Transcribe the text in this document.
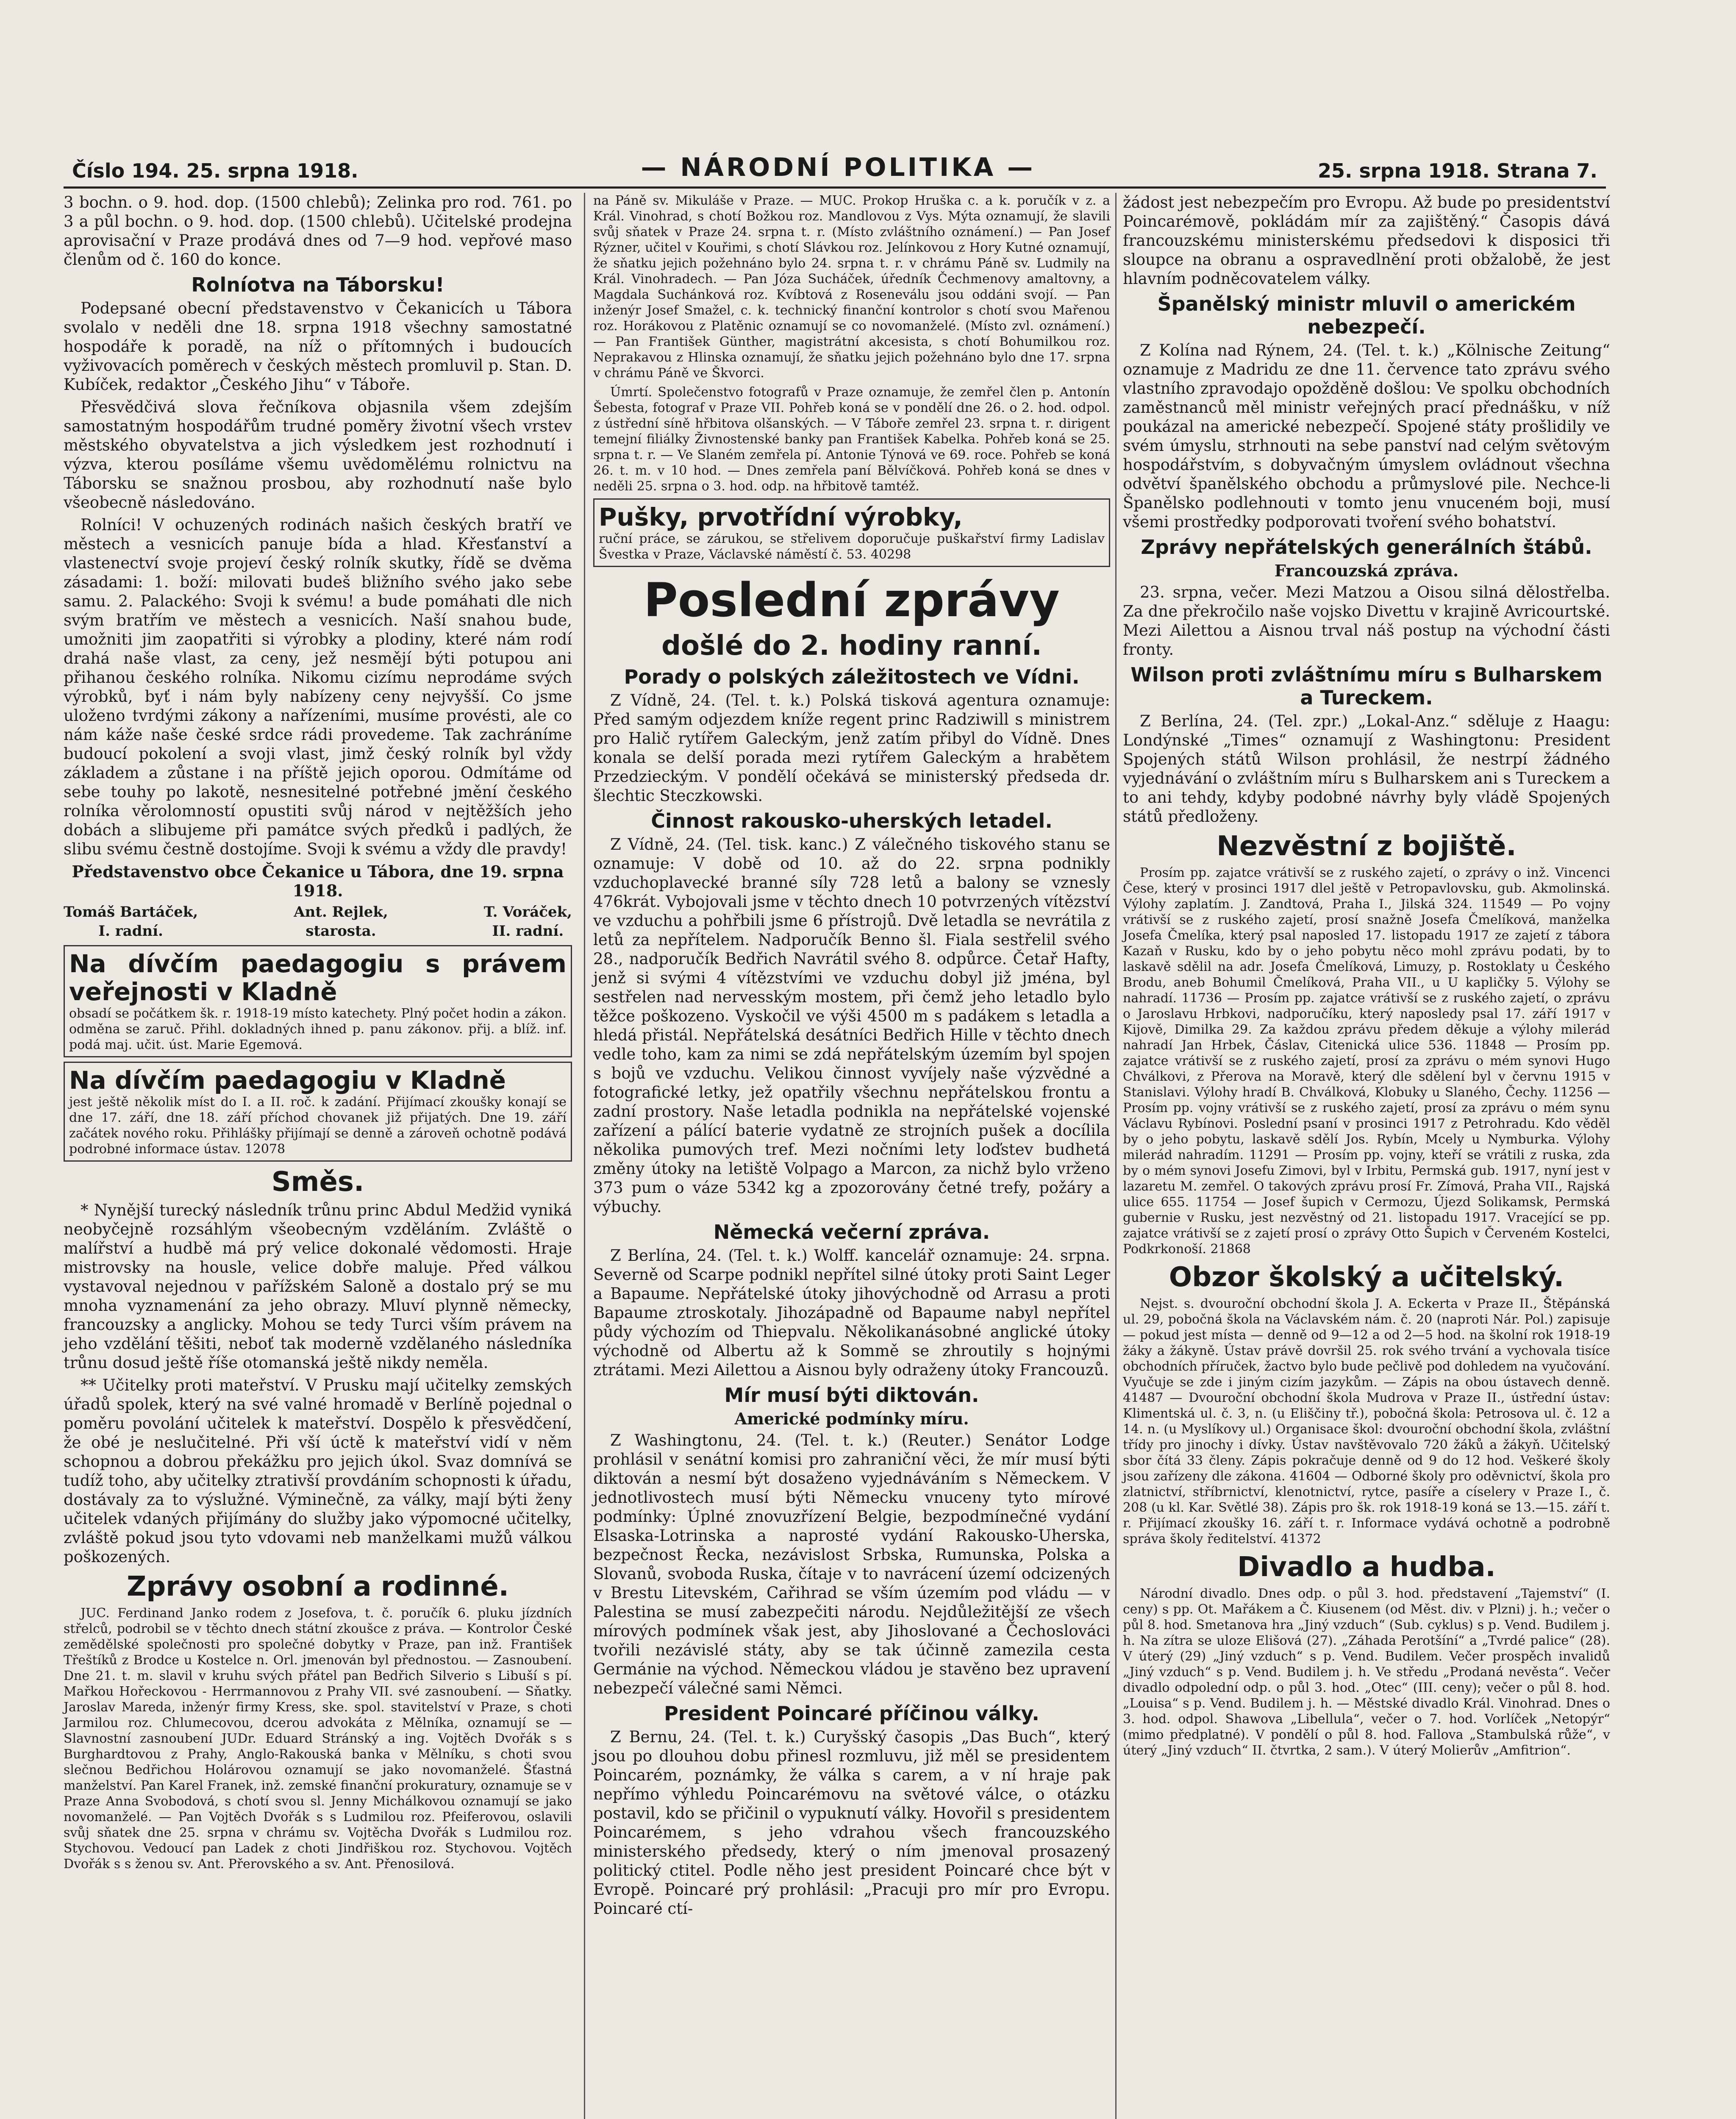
Číslo 194. 25. srpna 1918.	— NÁRODNÍ POLITIKA —	25. srpna 1918. Strana 7.

3 bochn. o 9. hod. dop. (1500 chlebů); Zelinka pro rod. 761. po 3 a půl bochn. o 9. hod. dop. (1500 chlebů). Učitelské prodejna aprovisační v Praze prodává dnes od 7—9 hod. vepřové maso členům od č. 160 do konce.

Rolníotva na Táborsku!

Podepsané obecní představenstvo v Čekanicích u Tábora svolalo v neděli dne 18. srpna 1918 všechny samostatné hospodáře k poradě, na níž o přítomných i budoucích vyživovacích poměrech v českých městech promluvil p. Stan. D. Kubíček, redaktor „Českého Jihu“ v Táboře.

Přesvědčivá slova řečníkova objasnila všem zdejším samostatným hospodářům trudné poměry životní všech vrstev městského obyvatelstva a jich výsledkem jest rozhodnutí i výzva, kterou posíláme všemu uvědomělému rolnictvu na Táborsku se snažnou prosbou, aby rozhodnutí naše bylo všeobecně následováno.

Rolníci! V ochuzených rodinách našich českých bratří ve městech a vesnicích panuje bída a hlad. Křesťanství a vlastenectví svoje projeví český rolník skutky, řídě se dvěma zásadami: 1. boží: milovati budeš bližního svého jako sebe samu. 2. Palackého: Svoji k svému! a bude pomáhati dle nich svým bratřím ve městech a vesnicích. Naší snahou bude, umožniti jim zaopatřiti si výrobky a plodiny, které nám rodí drahá naše vlast, za ceny, jež nesmějí býti potupou ani přihanou českého rolníka. Nikomu cizímu neprodáme svých výrobků, byť i nám byly nabízeny ceny nejvyšší. Co jsme uloženo tvrdými zákony a nařízeními, musíme provésti, ale co nám káže naše české srdce rádi provedeme. Tak zachráníme budoucí pokolení a svoji vlast, jimž český rolník byl vždy základem a zůstane i na příště jejich oporou. Odmítáme od sebe touhy po lakotě, nesnesitelné potřebné jmění českého rolníka věrolomností opustiti svůj národ v nejtěžších jeho dobách a slibujeme při památce svých předků i padlých, že slibu svému čestně dostojíme. Svoji k svému a vždy dle pravdy!

Představenstvo obce Čekanice u Tábora, dne 19. srpna 1918.
Tomáš Bartáček,
I. radní.
Ant. Rejlek,
starosta.
T. Voráček,
II. radní.
Na dívčím paedagogiu s právem veřejnosti v Kladně
obsadí se počátkem šk. r. 1918-19 místo katechety. Plný počet hodin a zákon. odměna se zaruč. Přihl. dokladných ihned p. panu zákonov. přij. a blíž. inf. podá maj. učit. úst. Marie Egemová.
Na dívčím paedagogiu v Kladně
jest ještě několik míst do I. a II. roč. k zadání. Přijímací zkoušky konají se dne 17. září, dne 18. září příchod chovanek již přijatých. Dne 19. září začátek nového roku. Přihlášky přijímají se denně a zároveň ochotně podává podrobné informace ústav. 12078
Směs.

* Nynější turecký následník trůnu princ Abdul Medžid vyniká neobyčejně rozsáhlým všeobecným vzděláním. Zvláště o malířství a hudbě má prý velice dokonalé vědomosti. Hraje mistrovsky na housle, velice dobře maluje. Před válkou vystavoval nejednou v pařížském Saloně a dostalo prý se mu mnoha vyznamenání za jeho obrazy. Mluví plynně německy, francouzsky a anglicky. Mohou se tedy Turci vším právem na jeho vzdělání těšiti, neboť tak moderně vzdělaného následníka trůnu dosud ještě říše otomanská ještě nikdy neměla.

** Učitelky proti mateřství. V Prusku mají učitelky zemských úřadů spolek, který na své valné hromadě v Berlíně pojednal o poměru povolání učitelek k mateřství. Dospělo k přesvědčení, že obé je neslučitelné. Při vší úctě k mateřství vidí v něm schopnou a dobrou překážku pro jejich úkol. Svaz domnívá se tudíž toho, aby učitelky ztrativší provdáním schopnosti k úřadu, dostávaly za to výslužné. Výminečně, za války, mají býti ženy učitelek vdaných přijímány do služby jako výpomocné učitelky, zvláště pokud jsou tyto vdovami neb manželkami mužů válkou poškozených.

Zprávy osobní a rodinné.

JUC. Ferdinand Janko rodem z Josefova, t. č. poručík 6. pluku jízdních střelců, podrobil se v těchto dnech státní zkoušce z práva. — Kontrolor České zemědělské společnosti pro společné dobytky v Praze, pan inž. František Třeštíků z Brodce u Kostelce n. Orl. jmenován byl přednostou. — Zasnoubení. Dne 21. t. m. slavil v kruhu svých přátel pan Bedřich Silverio s Libuší s pí. Mařkou Hořeckovou - Herrmannovou z Prahy VII. své zasnoubení. — Sňatky. Jaroslav Mareda, inženýr firmy Kress, ske. spol. stavitelství v Praze, s choti Jarmilou roz. Chlumecovou, dcerou advokáta z Mělníka, oznamují se — Slavnostní zasnoubení JUDr. Eduard Stránský a ing. Vojtěch Dvořák s s Burghardtovou z Prahy, Anglo-Rakouská banka v Mělníku, s choti svou slečnou Bedřichou Holárovou oznamují se jako novomanželé. Šťastná manželství. Pan Karel Franek, inž. zemské finanční prokuratury, oznamuje se v Praze Anna Svobodová, s chotí svou sl. Jenny Michálkovou oznamují se jako novomanželé. — Pan Vojtěch Dvořák s s Ludmilou roz. Pfeiferovou, oslavili svůj sňatek dne 25. srpna v chrámu sv. Vojtěcha Dvořák s Ludmilou roz. Stychovou. Vedoucí pan Ladek z choti Jindřiškou roz. Stychovou. Vojtěch Dvořák s s ženou sv. Ant. Přerovského a sv. Ant. Přenosilová.

na Páně sv. Mikuláše v Praze. — MUC. Prokop Hruška c. a k. poručík v z. a Král. Vinohrad, s chotí Božkou roz. Mandlovou z Vys. Mýta oznamují, že slavili svůj sňatek v Praze 24. srpna t. r. (Místo zvláštního oznámení.) — Pan Josef Rýzner, učitel v Kouřimi, s chotí Slávkou roz. Jelínkovou z Hory Kutné oznamují, že sňatku jejich požehnáno bylo 24. srpna t. r. v chrámu Páně sv. Ludmily na Král. Vinohradech. — Pan Józa Sucháček, úředník Čechmenovy amaltovny, a Magdala Suchánková roz. Kvíbtová z Roseneválu jsou oddáni svojí. — Pan inženýr Josef Smažel, c. k. technický finanční kontrolor s chotí svou Mařenou roz. Horákovou z Platěnic oznamují se co novomanželé. (Místo zvl. oznámení.) — Pan František Günther, magistrátní akcesista, s chotí Bohumilkou roz. Neprakavou z Hlinska oznamují, že sňatku jejich požehnáno bylo dne 17. srpna v chrámu Páně ve Škvorci.

Úmrtí. Společenstvo fotografů v Praze oznamuje, že zemřel člen p. Antonín Šebesta, fotograf v Praze VII. Pohřeb koná se v pondělí dne 26. o 2. hod. odpol. z ústřední síně hřbitova olšanských. — V Táboře zemřel 23. srpna t. r. dirigent temejní filiálky Živnostenské banky pan František Kabelka. Pohřeb koná se 25. srpna t. r. — Ve Slaném zemřela pí. Antonie Týnová ve 69. roce. Pohřeb se koná 26. t. m. v 10 hod. — Dnes zemřela paní Bělvíčková. Pohřeb koná se dnes v neděli 25. srpna o 3. hod. odp. na hřbitově tamtéž.

Pušky, prvotřídní výrobky,
ruční práce, se zárukou, se střelivem doporučuje puškařství firmy Ladislav Švestka v Praze, Václavské náměstí č. 53. 40298
Poslední zprávy
došlé do 2. hodiny ranní.
Porady o polských záležitostech ve Vídni.

Z Vídně, 24. (Tel. t. k.) Polská tisková agentura oznamuje: Před samým odjezdem kníže regent princ Radziwill s ministrem pro Halič rytířem Galeckým, jenž zatím přibyl do Vídně. Dnes konala se delší porada mezi rytířem Galeckým a hrabětem Przedzieckým. V pondělí očekává se ministerský předseda dr. šlechtic Steczkowski.

Činnost rakousko-uherských letadel.

Z Vídně, 24. (Tel. tisk. kanc.) Z válečného tiskového stanu se oznamuje: V době od 10. až do 22. srpna podnikly vzduchoplavecké branné síly 728 letů a balony se vznesly 476krát. Vybojovali jsme v těchto dnech 10 potvrzených vítězství ve vzduchu a pohřbili jsme 6 přístrojů. Dvě letadla se nevrátila z letů za nepřítelem. Nadporučík Benno šl. Fiala sestřelil svého 28., nadporučík Bedřich Navrátil svého 8. odpůrce. Četař Hafty, jenž si svými 4 vítězstvími ve vzduchu dobyl již jména, byl sestřelen nad nervesským mostem, při čemž jeho letadlo bylo těžce poškozeno. Vyskočil ve výši 4500 m s padákem s letadla a hledá přistál. Nepřátelská desátníci Bedřich Hille v těchto dnech vedle toho, kam za nimi se zdá nepřátelským územím byl spojen s bojů ve vzduchu. Velikou činnost vyvíjely naše výzvědné a fotografické letky, jež opatřily všechnu nepřátelskou frontu a zadní prostory. Naše letadla podnikla na nepřátelské vojenské zařízení a pálící baterie vydatně ze strojních pušek a docílila několika pumových tref. Mezi nočními lety loďstev budhetá změny útoky na letiště Volpago a Marcon, za nichž bylo vrženo 373 pum o váze 5342 kg a zpozorovány četné trefy, požáry a výbuchy.

Německá večerní zpráva.

Z Berlína, 24. (Tel. t. k.) Wolff. kancelář oznamuje: 24. srpna. Severně od Scarpe podnikl nepřítel silné útoky proti Saint Leger a Bapaume. Nepřátelské útoky jihovýchodně od Arrasu a proti Bapaume ztroskotaly. Jihozápadně od Bapaume nabyl nepřítel půdy výchozím od Thiepvalu. Několikanásobné anglické útoky východně od Albertu až k Sommě se zhroutily s hojnými ztrátami. Mezi Ailettou a Aisnou byly odraženy útoky Francouzů.

Mír musí býti diktován.
Americké podmínky míru.

Z Washingtonu, 24. (Tel. t. k.) (Reuter.) Senátor Lodge prohlásil v senátní komisi pro zahraniční věci, že mír musí býti diktován a nesmí být dosaženo vyjednáváním s Německem. V jednotlivostech musí býti Německu vnuceny tyto mírové podmínky: Úplné znovuzřízení Belgie, bezpodmínečné vydání Elsaska-Lotrinska a naprosté vydání Rakousko-Uherska, bezpečnost Řecka, nezávislost Srbska, Rumunska, Polska a Slovanů, svoboda Ruska, čítaje v to navrácení území odcizených v Brestu Litevském, Cařihrad se vším územím pod vládu — v Palestina se musí zabezpečiti národu. Nejdůležitější ze všech mírových podmínek však jest, aby Jihoslované a Čechoslováci tvořili nezávislé státy, aby se tak účinně zamezila cesta Germánie na východ. Německou vládou je stavěno bez upravení nebezpečí válečné sami Němci.

President Poincaré příčinou války.

Z Bernu, 24. (Tel. t. k.) Curyšský časopis „Das Buch“, který jsou po dlouhou dobu přinesl rozmluvu, již měl se presidentem Poincarém, poznámky, že válka s carem, a v ní hraje pak nepřímo výhledu Poincarémovu na světové válce, o otázku postavil, kdo se přičinil o vypuknutí války. Hovořil s presidentem Poincarémem, s jeho vdrahou všech francouzského ministerského předsedy, který o ním jmenoval prosazený politický ctitel. Podle něho jest president Poincaré chce být v Evropě. Poincaré prý prohlásil: „Pracuji pro mír pro Evropu. Poincaré ctí-

žádost jest nebezpečím pro Evropu. Až bude po presidentství Poincarémově, pokládám mír za zajištěný.“ Časopis dává francouzskému ministerskému předsedovi k disposici tři sloupce na obranu a ospravedlnění proti obžalobě, že jest hlavním podněcovatelem války.

Španělský ministr mluvil o americkém nebezpečí.

Z Kolína nad Rýnem, 24. (Tel. t. k.) „Kölnische Zeitung“ oznamuje z Madridu ze dne 11. července tato zprávu svého vlastního zpravodajo opožděně došlou: Ve spolku obchodních zaměstnanců měl ministr veřejných prací přednášku, v níž poukázal na americké nebezpečí. Spojené státy prošlidily ve svém úmyslu, strhnouti na sebe panství nad celým světovým hospodářstvím, s dobyvačným úmyslem ovládnout všechna odvětví španělského obchodu a průmyslové pile. Nechce-li Španělsko podlehnouti v tomto jenu vnuceném boji, musí všemi prostředky podporovati tvoření svého bohatství.

Zprávy nepřátelských generálních štábů.
Francouzská zpráva.

23. srpna, večer. Mezi Matzou a Oisou silná dělostřelba. Za dne překročilo naše vojsko Divettu v krajině Avricourtské. Mezi Ailettou a Aisnou trval náš postup na východní části fronty.

Wilson proti zvláštnímu míru s Bulharskem a Tureckem.

Z Berlína, 24. (Tel. zpr.) „Lokal-Anz.“ sděluje z Haagu: Londýnské „Times“ oznamují z Washingtonu: President Spojených států Wilson prohlásil, že nestrpí žádného vyjednávání o zvláštním míru s Bulharskem ani s Tureckem a to ani tehdy, kdyby podobné návrhy byly vládě Spojených států předloženy.

Nezvěstní z bojiště.

Prosím pp. zajatce vrátivší se z ruského zajetí, o zprávy o inž. Vincenci Čese, který v prosinci 1917 dlel ještě v Petropavlovsku, gub. Akmolinská. Výlohy zaplatím. J. Zandtová, Praha I., Jilská 324. 11549 — Po vojny vrátivší se z ruského zajetí, prosí snažně Josefa Čmelíková, manželka Josefa Čmelíka, který psal naposled 17. listopadu 1917 ze zajetí z tábora Kazaň v Rusku, kdo by o jeho pobytu něco mohl zprávu podati, by to laskavě sdělil na adr. Josefa Čmelíková, Limuzy, p. Rostoklaty u Českého Brodu, aneb Bohumil Čmelíková, Praha VII., u U kapličky 5. Výlohy se nahradí. 11736 — Prosím pp. zajatce vrátivší se z ruského zajetí, o zprávu o Jaroslavu Hrbkovi, nadporučíku, který naposledy psal 17. září 1917 v Kijově, Dimilka 29. Za každou zprávu předem děkuje a výlohy milerád nahradí Jan Hrbek, Čáslav, Citenická ulice 536. 11848 — Prosím pp. zajatce vrátivší se z ruského zajetí, prosí za zprávu o mém synovi Hugo Chválkovi, z Přerova na Moravě, který dle sdělení byl v červnu 1915 v Stanislavi. Výlohy hradí B. Chválková, Klobuky u Slaného, Čechy. 11256 — Prosím pp. vojny vrátivší se z ruského zajetí, prosí za zprávu o mém synu Václavu Rybínovi. Poslední psaní v prosinci 1917 z Petrohradu. Kdo věděl by o jeho pobytu, laskavě sdělí Jos. Rybín, Mcely u Nymburka. Výlohy milerád nahradím. 11291 — Prosím pp. vojny, kteří se vrátili z ruska, zda by o mém synovi Josefu Zimovi, byl v Irbitu, Permská gub. 1917, nyní jest v lazaretu M. zemřel. O takových zprávu prosí Fr. Zímová, Praha VII., Rajská ulice 655. 11754 — Josef šupich v Cermozu, Újezd Solikamsk, Permská gubernie v Rusku, jest nezvěstný od 21. listopadu 1917. Vracející se pp. zajatce vrátivší se z zajetí prosí o zprávy Otto Šupich v Červeném Kostelci, Podkrkonoší. 21868

Obzor školský a učitelský.

Nejst. s. dvouroční obchodní škola J. A. Eckerta v Praze II., Štěpánská ul. 29, pobočná škola na Václavském nám. č. 20 (naproti Nár. Pol.) zapisuje — pokud jest místa — denně od 9—12 a od 2—5 hod. na školní rok 1918-19 žáky a žákyně. Ústav právě dovršil 25. rok svého trvání a vychovala tisíce obchodních příruček, žactvo bylo bude pečlivě pod dohledem na vyučování. Vyučuje se zde i jiným cizím jazykům. — Zápis na obou ústavech denně. 41487 — Dvouroční obchodní škola Mudrova v Praze II., ústřední ústav: Klimentská ul. č. 3, n. (u Eliščiny tř.), pobočná škola: Petrosova ul. č. 12 a 14. n. (u Myslíkovy ul.) Organisace škol: dvouroční obchodní škola, zvláštní třídy pro jinochy i dívky. Ústav navštěvovalo 720 žáků a žákyň. Učitelský sbor čítá 33 členy. Zápis pokračuje denně od 9 do 12 hod. Veškeré školy jsou zařízeny dle zákona. 41604 — Odborné školy pro oděvnictví, škola pro zlatnictví, stříbrnictví, klenotnictví, rytce, pasíře a císelery v Praze I., č. 208 (u kl. Kar. Světlé 38). Zápis pro šk. rok 1918-19 koná se 13.—15. září t. r. Přijímací zkoušky 16. září t. r. Informace vydává ochotně a podrobně správa školy ředitelství. 41372

Divadlo a hudba.

Národní divadlo. Dnes odp. o půl 3. hod. představení „Tajemství“ (I. ceny) s pp. Ot. Mařákem a Č. Kiusenem (od Měst. div. v Plzni) j. h.; večer o půl 8. hod. Smetanova hra „Jiný vzduch“ (Sub. cyklus) s p. Vend. Budilem j. h. Na zítra se uloze Elišová (27). „Záhada Perotšíní“ a „Tvrdé palice“ (28). V úterý (29) „Jiný vzduch“ s p. Vend. Budilem. Večer prospěch invalidů „Jiný vzduch“ s p. Vend. Budilem j. h. Ve středu „Prodaná nevěsta“. Večer divadlo odpolední odp. o půl 3. hod. „Otec“ (III. ceny); večer o půl 8. hod. „Louisa“ s p. Vend. Budilem j. h. — Městské divadlo Král. Vinohrad. Dnes o 3. hod. odpol. Shawova „Libellula“, večer o 7. hod. Vorlíček „Netopýr“ (mimo předplatné). V pondělí o půl 8. hod. Fallova „Stambulská růže“, v úterý „Jiný vzduch“ II. čtvrtka, 2 sam.). V úterý Molierův „Amfitrion“.
